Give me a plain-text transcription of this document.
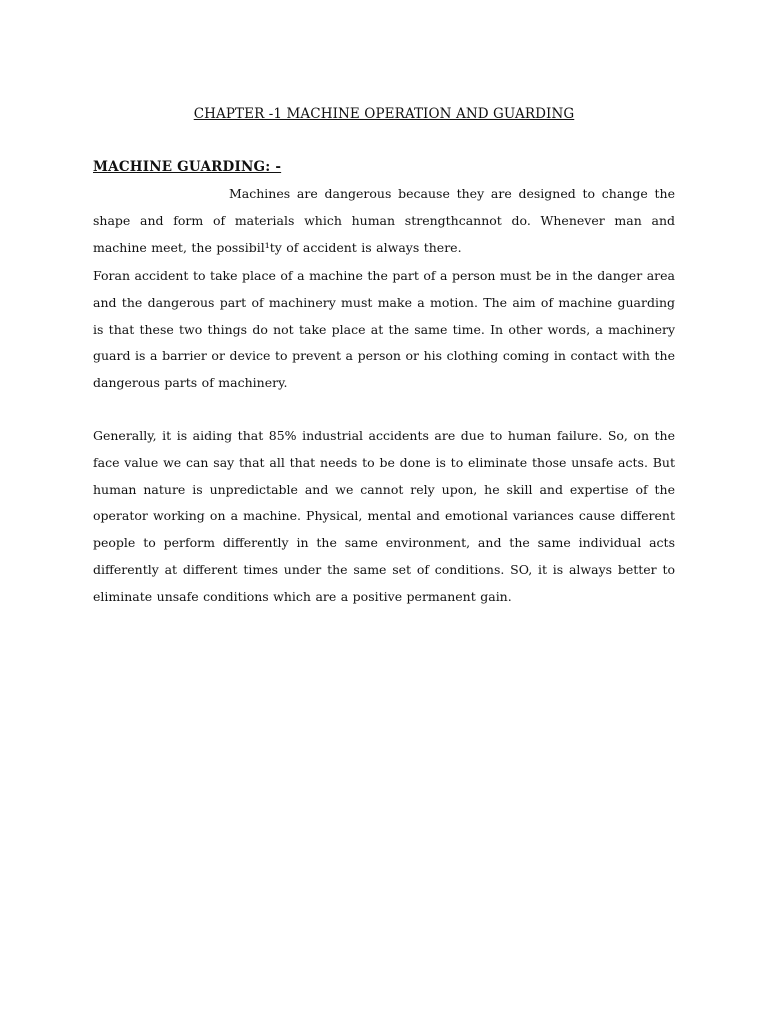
CHAPTER -1 MACHINE OPERATION AND GUARDING
MACHINE GUARDING: -

Machines are dangerous because they are designed to change the shape and form of materials which human strengthcannot do. Whenever man and machine meet, the possibil¹ty of accident is always there.

Foran accident to take place of a machine the part of a person must be in the danger area and the dangerous part of machinery must make a motion. The aim of machine guarding is that these two things do not take place at the same time. In other words, a machinery guard is a barrier or device to prevent a person or his clothing coming in contact with the dangerous parts of machinery.

Generally, it is aiding that 85% industrial accidents are due to human failure. So, on the face value we can say that all that needs to be done is to eliminate those unsafe acts. But human nature is unpredictable and we cannot rely upon, he skill and expertise of the operator working on a machine. Physical, mental and emotional variances cause different people to perform differently in the same environment, and the same individual acts differently at different times under the same set of conditions. SO, it is always better to eliminate unsafe conditions which are a positive permanent gain.
